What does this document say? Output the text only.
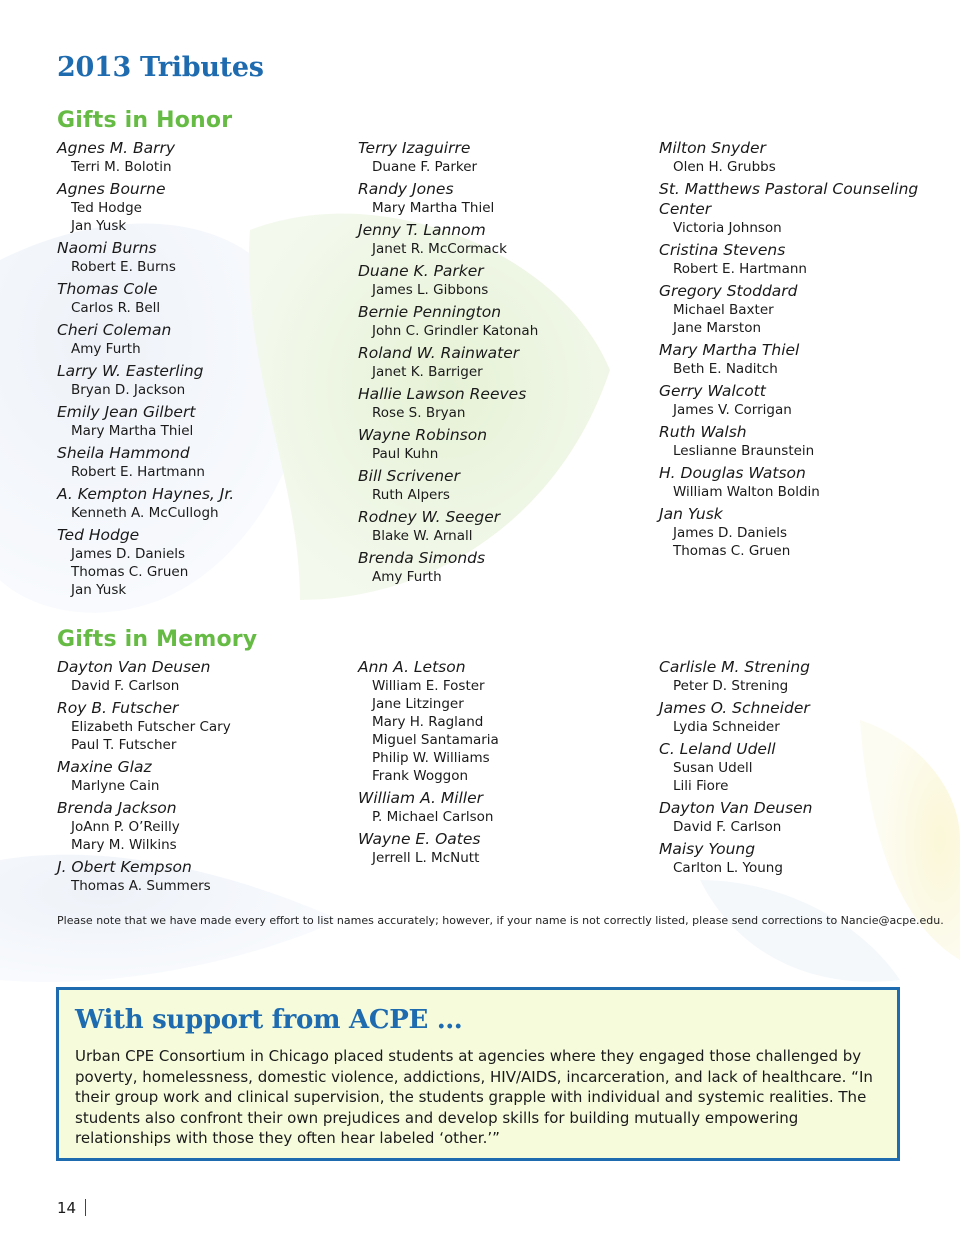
2013 Tributes
Gifts in Honor
Agnes M. Barry
Terri M. Bolotin
Agnes Bourne
Ted Hodge
Jan Yusk
Naomi Burns
Robert E. Burns
Thomas Cole
Carlos R. Bell
Cheri Coleman
Amy Furth
Larry W. Easterling
Bryan D. Jackson
Emily Jean Gilbert
Mary Martha Thiel
Sheila Hammond
Robert E. Hartmann
A. Kempton Haynes, Jr.
Kenneth A. McCullogh
Ted Hodge
James D. Daniels
Thomas C. Gruen
Jan Yusk
Terry Izaguirre
Duane F. Parker
Randy Jones
Mary Martha Thiel
Jenny T. Lannom
Janet R. McCormack
Duane K. Parker
James L. Gibbons
Bernie Pennington
John C. Grindler Katonah
Roland W. Rainwater
Janet K. Barriger
Hallie Lawson Reeves
Rose S. Bryan
Wayne Robinson
Paul Kuhn
Bill Scrivener
Ruth Alpers
Rodney W. Seeger
Blake W. Arnall
Brenda Simonds
Amy Furth
Milton Snyder
Olen H. Grubbs
St. Matthews Pastoral Counseling Center
Victoria Johnson
Cristina Stevens
Robert E. Hartmann
Gregory Stoddard
Michael Baxter
Jane Marston
Mary Martha Thiel
Beth E. Naditch
Gerry Walcott
James V. Corrigan
Ruth Walsh
Leslianne Braunstein
H. Douglas Watson
William Walton Boldin
Jan Yusk
James D. Daniels
Thomas C. Gruen
Gifts in Memory
Dayton Van Deusen
David F. Carlson
Roy B. Futscher
Elizabeth Futscher Cary
Paul T. Futscher
Maxine Glaz
Marlyne Cain
Brenda Jackson
JoAnn P. O’Reilly
Mary M. Wilkins
J. Obert Kempson
Thomas A. Summers
Ann A. Letson
William E. Foster
Jane Litzinger
Mary H. Ragland
Miguel Santamaria
Philip W. Williams
Frank Woggon
William A. Miller
P. Michael Carlson
Wayne E. Oates
Jerrell L. McNutt
Carlisle M. Strening
Peter D. Strening
James O. Schneider
Lydia Schneider
C. Leland Udell
Susan Udell
Lili Fiore
Dayton Van Deusen
David F. Carlson
Maisy Young
Carlton L. Young

Please note that we have made every effort to list names accurately; however, if your name is not correctly listed, please send corrections to Nancie@acpe.edu.

With support from ACPE …

Urban CPE Consortium in Chicago placed students at agencies where they engaged those challenged by poverty, homelessness, domestic violence, addictions, HIV/AIDS, incarceration, and lack of healthcare. “In their group work and clinical supervision, the students grapple with individual and systemic realities. The students also confront their own prejudices and develop skills for building mutually empowering relationships with those they often hear labeled ‘other.’”

14
